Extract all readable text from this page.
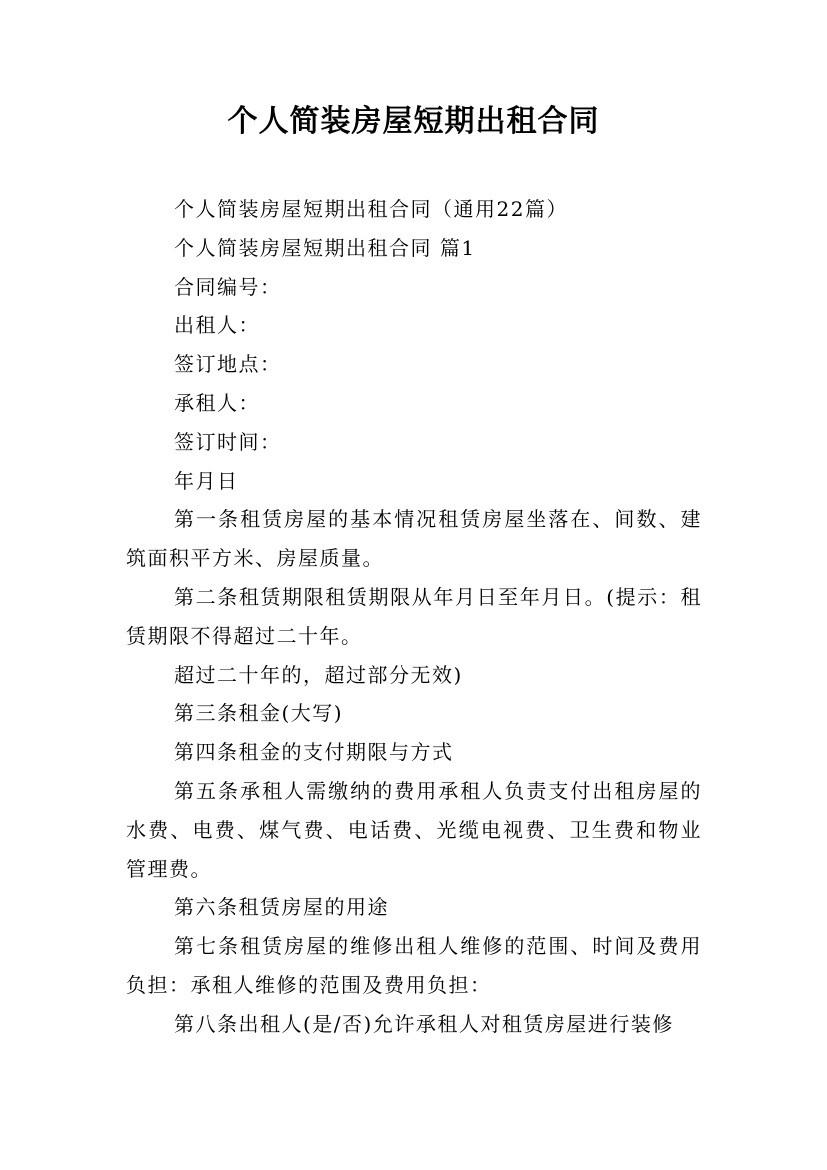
个人简装房屋短期出租合同

个人简装房屋短期出租合同（通用22篇）

个人简装房屋短期出租合同 篇1

合同编号：

出租人：

签订地点：

承租人：

签订时间：

年月日

第一条租赁房屋的基本情况租赁房屋坐落在、间数、建筑面积平方米、房屋质量。

第二条租赁期限租赁期限从年月日至年月日。(提示：租赁期限不得超过二十年。

超过二十年的，超过部分无效)

第三条租金(大写)

第四条租金的支付期限与方式

第五条承租人需缴纳的费用承租人负责支付出租房屋的水费、电费、煤气费、电话费、光缆电视费、卫生费和物业管理费。

第六条租赁房屋的用途

第七条租赁房屋的维修出租人维修的范围、时间及费用负担：承租人维修的范围及费用负担：

第八条出租人(是/否)允许承租人对租赁房屋进行装修
